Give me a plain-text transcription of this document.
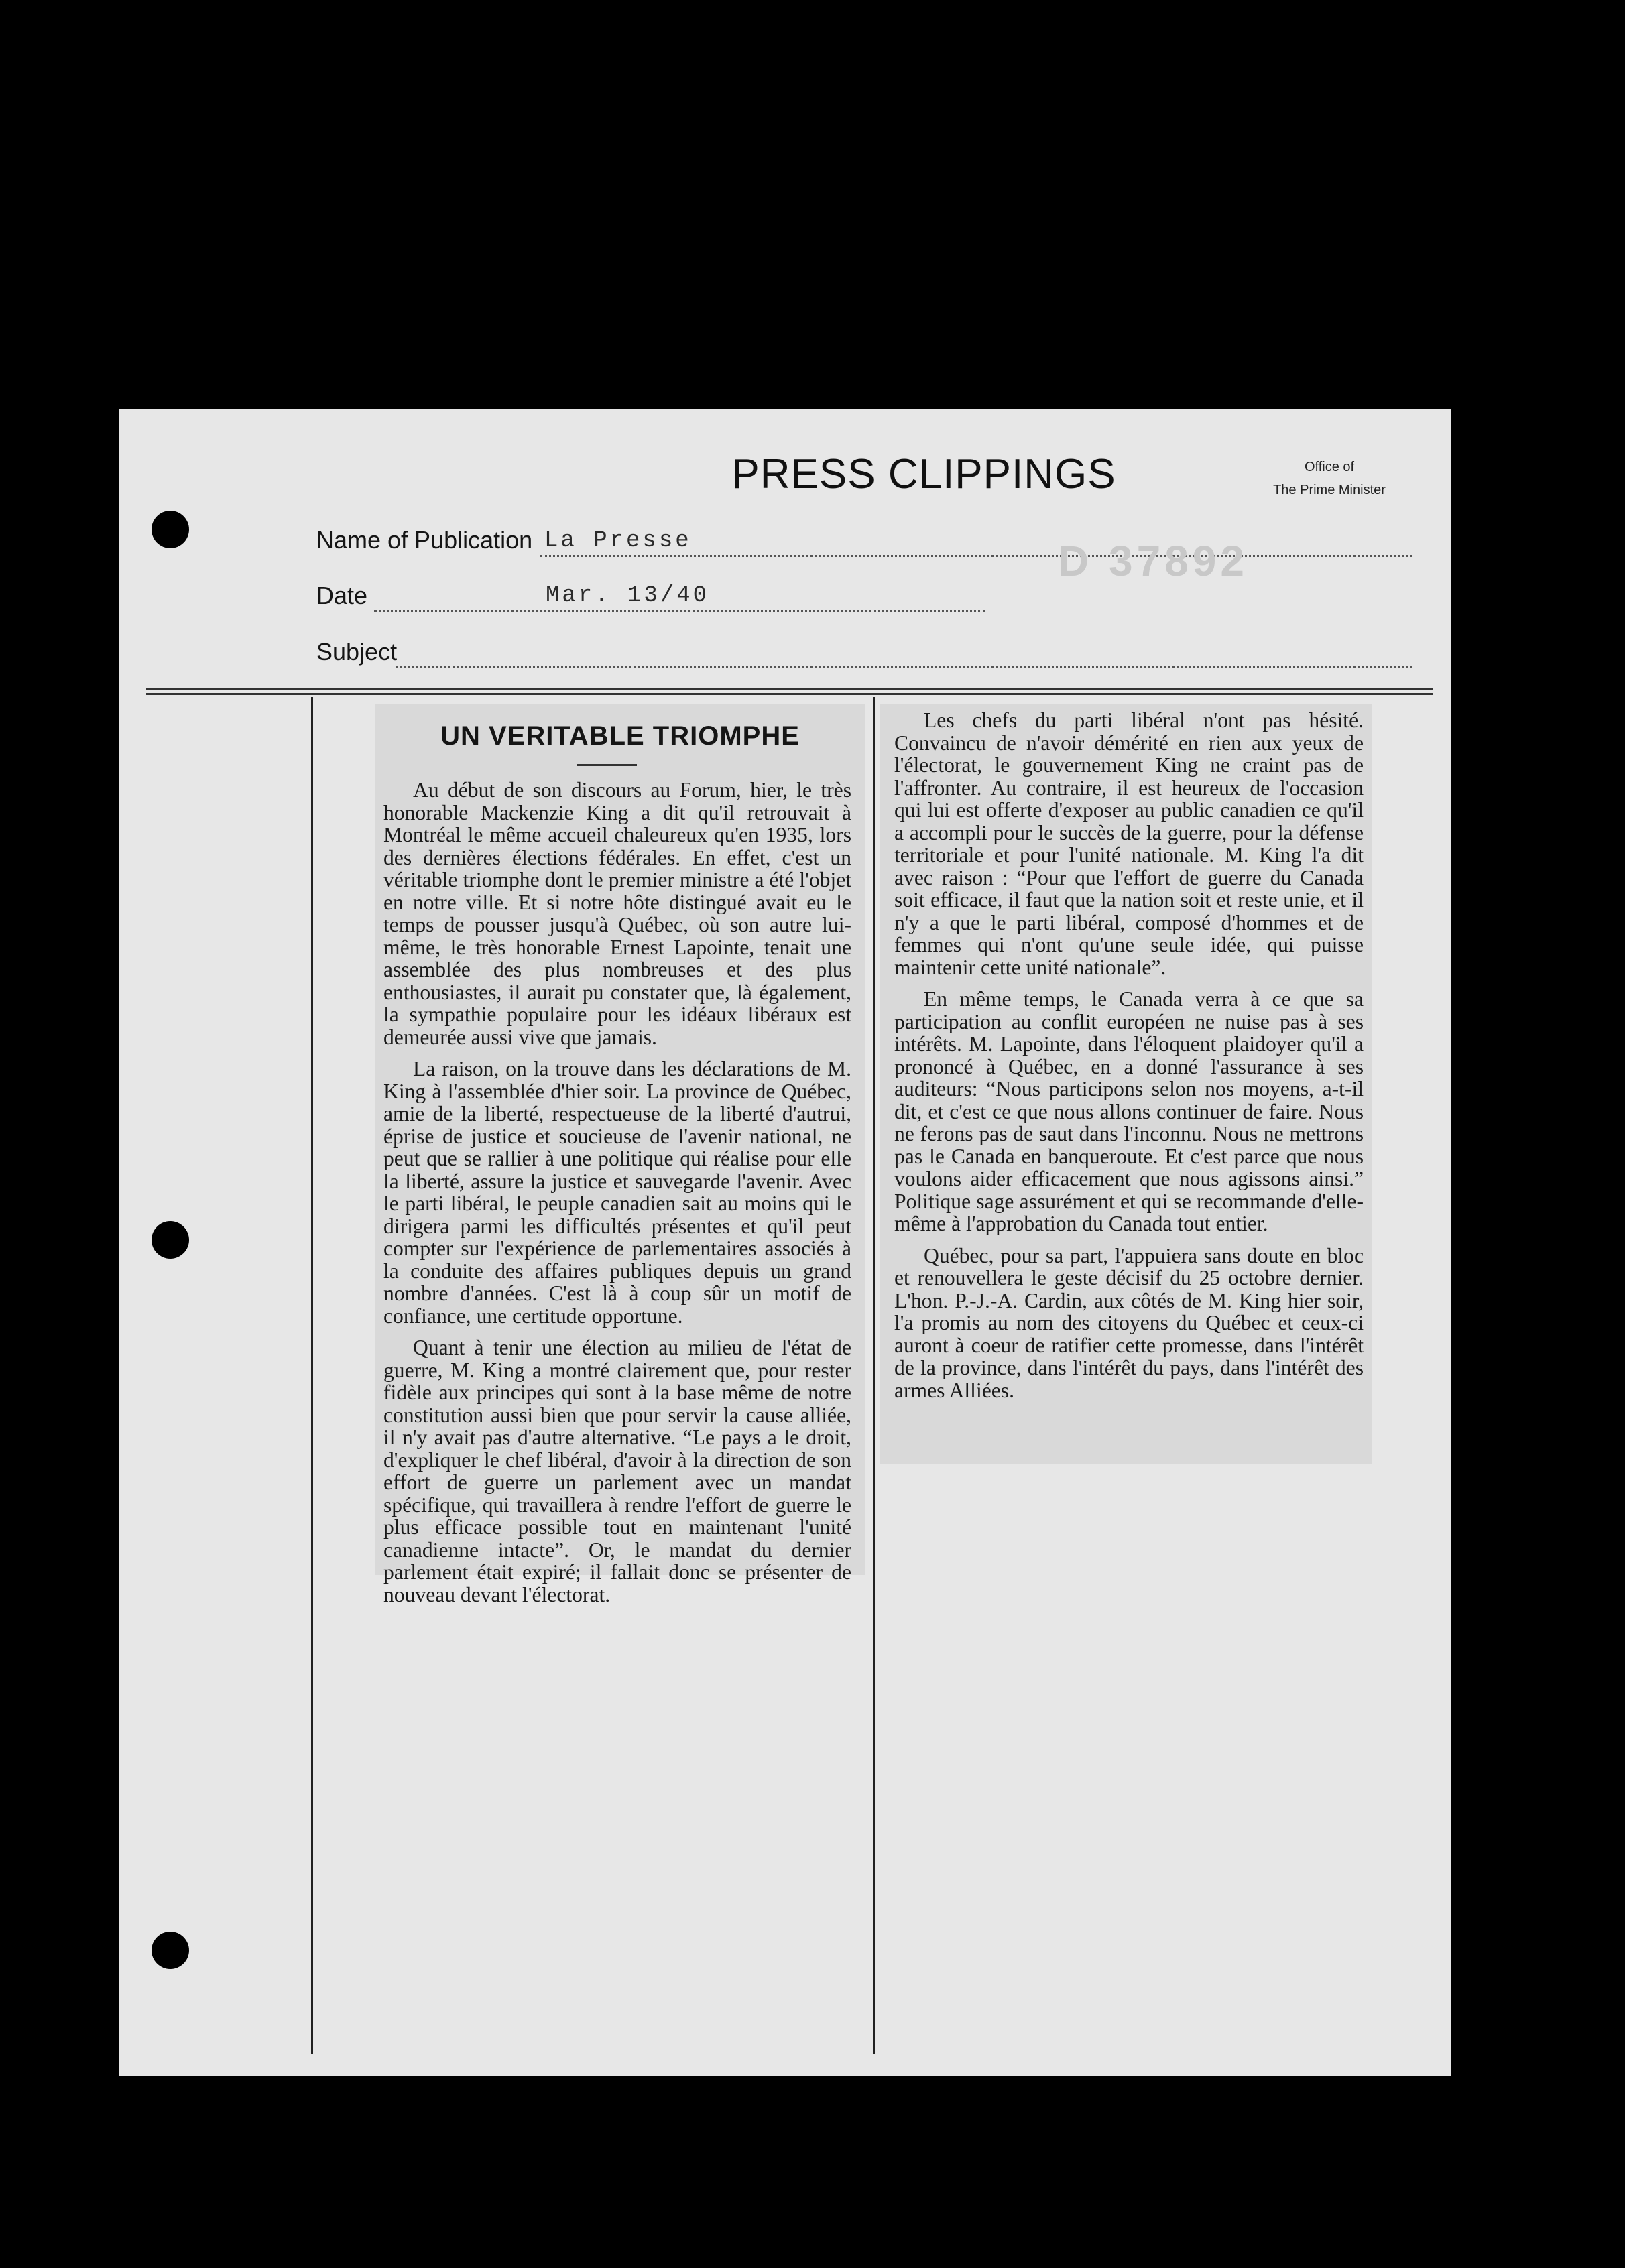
PRESS CLIPPINGS	Office of
The Prime Minister
Name of Publication La Presse
Date	Mar. 13/40
D 37892
Subject
UN VERITABLE TRIOMPHE

Au début de son discours au Forum, hier, le très honorable Mackenzie King a dit qu'il retrouvait à Montréal le même accueil chaleureux qu'en 1935, lors des dernières élections fédérales. En effet, c'est un véritable triomphe dont le premier ministre a été l'objet en notre ville. Et si notre hôte distingué avait eu le temps de pousser jusqu'à Québec, où son autre lui-même, le très honorable Ernest Lapointe, tenait une assemblée des plus nombreuses et des plus enthousiastes, il aurait pu constater que, là également, la sympathie populaire pour les idéaux libéraux est demeurée aussi vive que jamais.

La raison, on la trouve dans les déclarations de M. King à l'assemblée d'hier soir. La province de Québec, amie de la liberté, respectueuse de la liberté d'autrui, éprise de justice et soucieuse de l'avenir national, ne peut que se rallier à une politique qui réalise pour elle la liberté, assure la justice et sauvegarde l'avenir. Avec le parti libéral, le peuple canadien sait au moins qui le dirigera parmi les difficultés présentes et qu'il peut compter sur l'expérience de parlementaires associés à la conduite des affaires publiques depuis un grand nombre d'années. C'est là à coup sûr un motif de confiance, une certitude opportune.

Quant à tenir une élection au milieu de l'état de guerre, M. King a montré clairement que, pour rester fidèle aux principes qui sont à la base même de notre constitution aussi bien que pour servir la cause alliée, il n'y avait pas d'autre alternative. “Le pays a le droit, d'expliquer le chef libéral, d'avoir à la direction de son effort de guerre un parlement avec un mandat spécifique, qui travaillera à rendre l'effort de guerre le plus efficace possible tout en maintenant l'unité canadienne intacte”. Or, le mandat du dernier parlement était expiré; il fallait donc se présenter de nouveau devant l'électorat.

Les chefs du parti libéral n'ont pas hésité. Convaincu de n'avoir démérité en rien aux yeux de l'électorat, le gouvernement King ne craint pas de l'affronter. Au contraire, il est heureux de l'occasion qui lui est offerte d'exposer au public canadien ce qu'il a accompli pour le succès de la guerre, pour la défense territoriale et pour l'unité nationale. M. King l'a dit avec raison : “Pour que l'effort de guerre du Canada soit efficace, il faut que la nation soit et reste unie, et il n'y a que le parti libéral, composé d'hommes et de femmes qui n'ont qu'une seule idée, qui puisse maintenir cette unité nationale”.

En même temps, le Canada verra à ce que sa participation au conflit européen ne nuise pas à ses intérêts. M. Lapointe, dans l'éloquent plaidoyer qu'il a prononcé à Québec, en a donné l'assurance à ses auditeurs: “Nous participons selon nos moyens, a-t-il dit, et c'est ce que nous allons continuer de faire. Nous ne ferons pas de saut dans l'inconnu. Nous ne mettrons pas le Canada en banqueroute. Et c'est parce que nous voulons aider efficacement que nous agissons ainsi.” Politique sage assurément et qui se recommande d'elle-même à l'approbation du Canada tout entier.

Québec, pour sa part, l'appuiera sans doute en bloc et renouvellera le geste décisif du 25 octobre dernier. L'hon. P.-J.-A. Cardin, aux côtés de M. King hier soir, l'a promis au nom des citoyens du Québec et ceux-ci auront à coeur de ratifier cette promesse, dans l'intérêt de la province, dans l'intérêt du pays, dans l'intérêt des armes Alliées.
